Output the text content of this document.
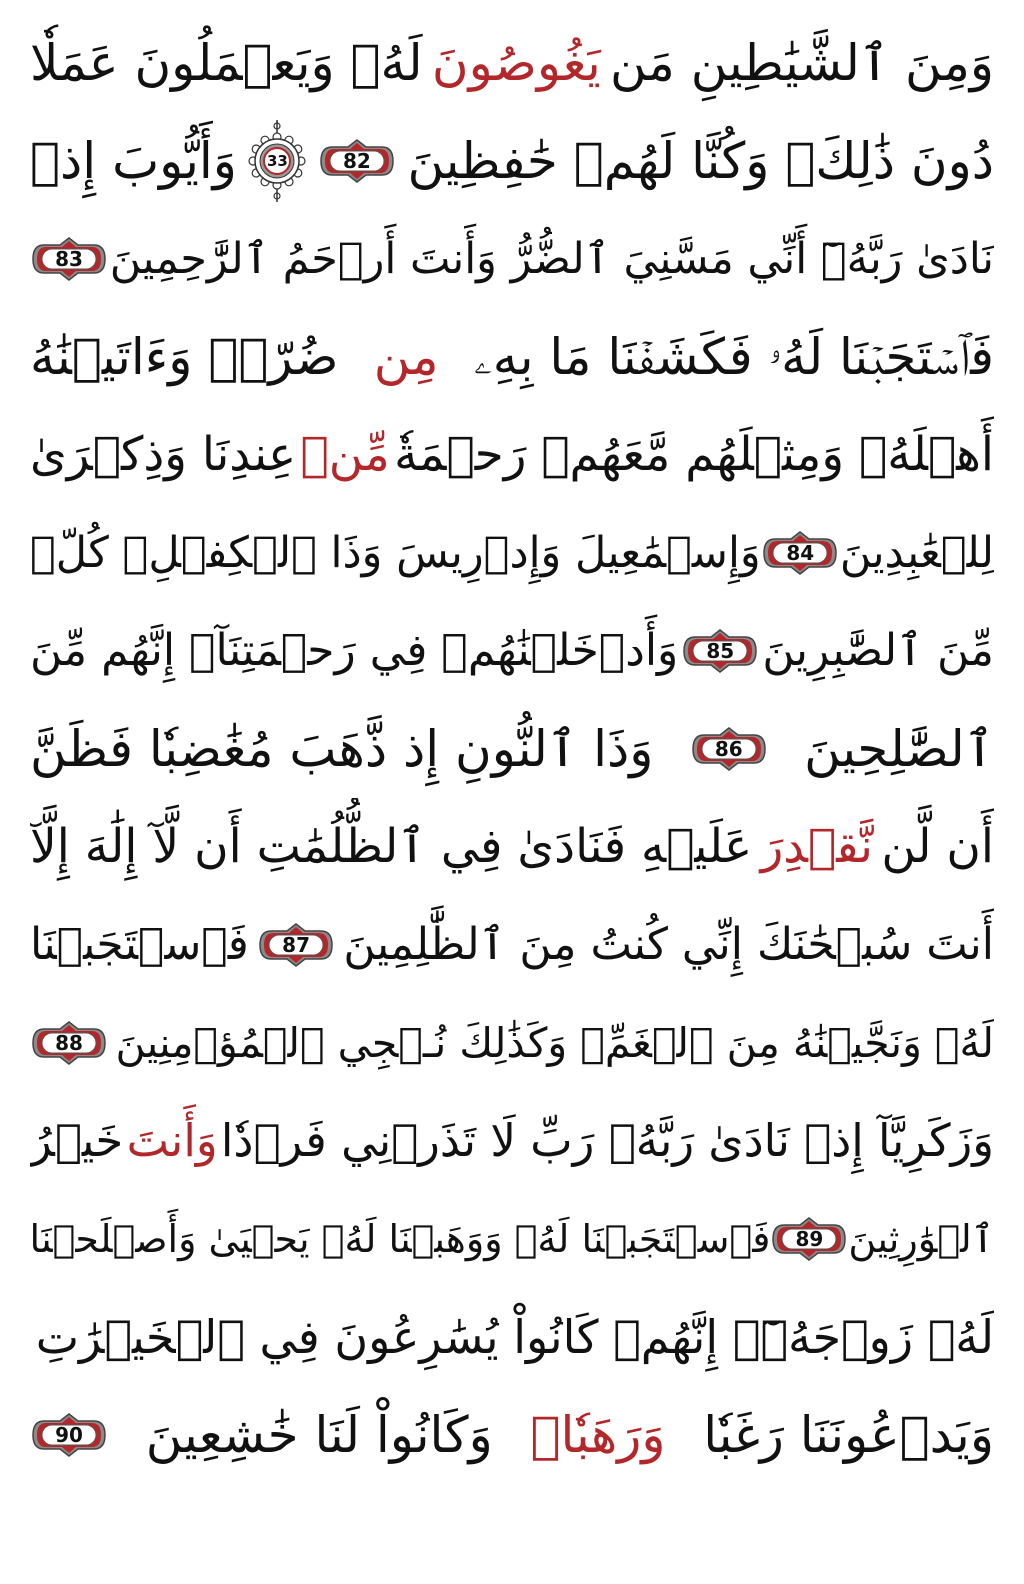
وَمِنَ ٱلشَّيَٰطِينِ مَن
يَغُوصُونَ
لَهُۥ وَيَعۡمَلُونَ عَمَلٗا
دُونَ ذَٰلِكَۖ وَكُنَّا لَهُمۡ حَٰفِظِينَ
82
33
وَأَيُّوبَ إِذۡ
نَادَىٰ رَبَّهُۥٓ أَنِّي مَسَّنِيَ ٱلضُّرُّ وَأَنتَ أَرۡحَمُ ٱلرَّٰحِمِينَ
83
فَٱسۡتَجَبۡنَا لَهُۥ فَكَشَفۡنَا مَا بِهِۦ
مِن
ضُرّٖۖ وَءَاتَيۡنَٰهُ
أَهۡلَهُۥ وَمِثۡلَهُم مَّعَهُمۡ رَحۡمَةٗ
مِّنۡ
عِندِنَا وَذِكۡرَىٰ
لِلۡعَٰبِدِينَ
84
وَإِسۡمَٰعِيلَ وَإِدۡرِيسَ وَذَا ٱلۡكِفۡلِۖ كُلّٞ
مِّنَ ٱلصَّٰبِرِينَ
85
وَأَدۡخَلۡنَٰهُمۡ فِي رَحۡمَتِنَآۖ إِنَّهُم مِّنَ
ٱلصَّٰلِحِينَ
86
وَذَا ٱلنُّونِ إِذ ذَّهَبَ مُغَٰضِبٗا فَظَنَّ
أَن لَّن
نَّقۡدِرَ
عَلَيۡهِ فَنَادَىٰ فِي ٱلظُّلُمَٰتِ أَن لَّآ إِلَٰهَ إِلَّآ
أَنتَ سُبۡحَٰنَكَ إِنِّي كُنتُ مِنَ ٱلظَّٰلِمِينَ
87
فَٱسۡتَجَبۡنَا
لَهُۥ وَنَجَّيۡنَٰهُ مِنَ ٱلۡغَمِّۚ وَكَذَٰلِكَ نُـۨجِي ٱلۡمُؤۡمِنِينَ
88
وَزَكَرِيَّآ إِذۡ نَادَىٰ رَبَّهُۥ رَبِّ لَا تَذَرۡنِي فَرۡدٗا
وَأَنتَ
خَيۡرُ
ٱلۡوَٰرِثِينَ
89
فَٱسۡتَجَبۡنَا لَهُۥ وَوَهَبۡنَا لَهُۥ يَحۡيَىٰ وَأَصۡلَحۡنَا
لَهُۥ زَوۡجَهُۥٓۚ إِنَّهُمۡ كَانُواْ يُسَٰرِعُونَ فِي ٱلۡخَيۡرَٰتِ
وَيَدۡعُونَنَا رَغَبٗا
وَرَهَبٗاۖ
وَكَانُواْ لَنَا خَٰشِعِينَ
90
